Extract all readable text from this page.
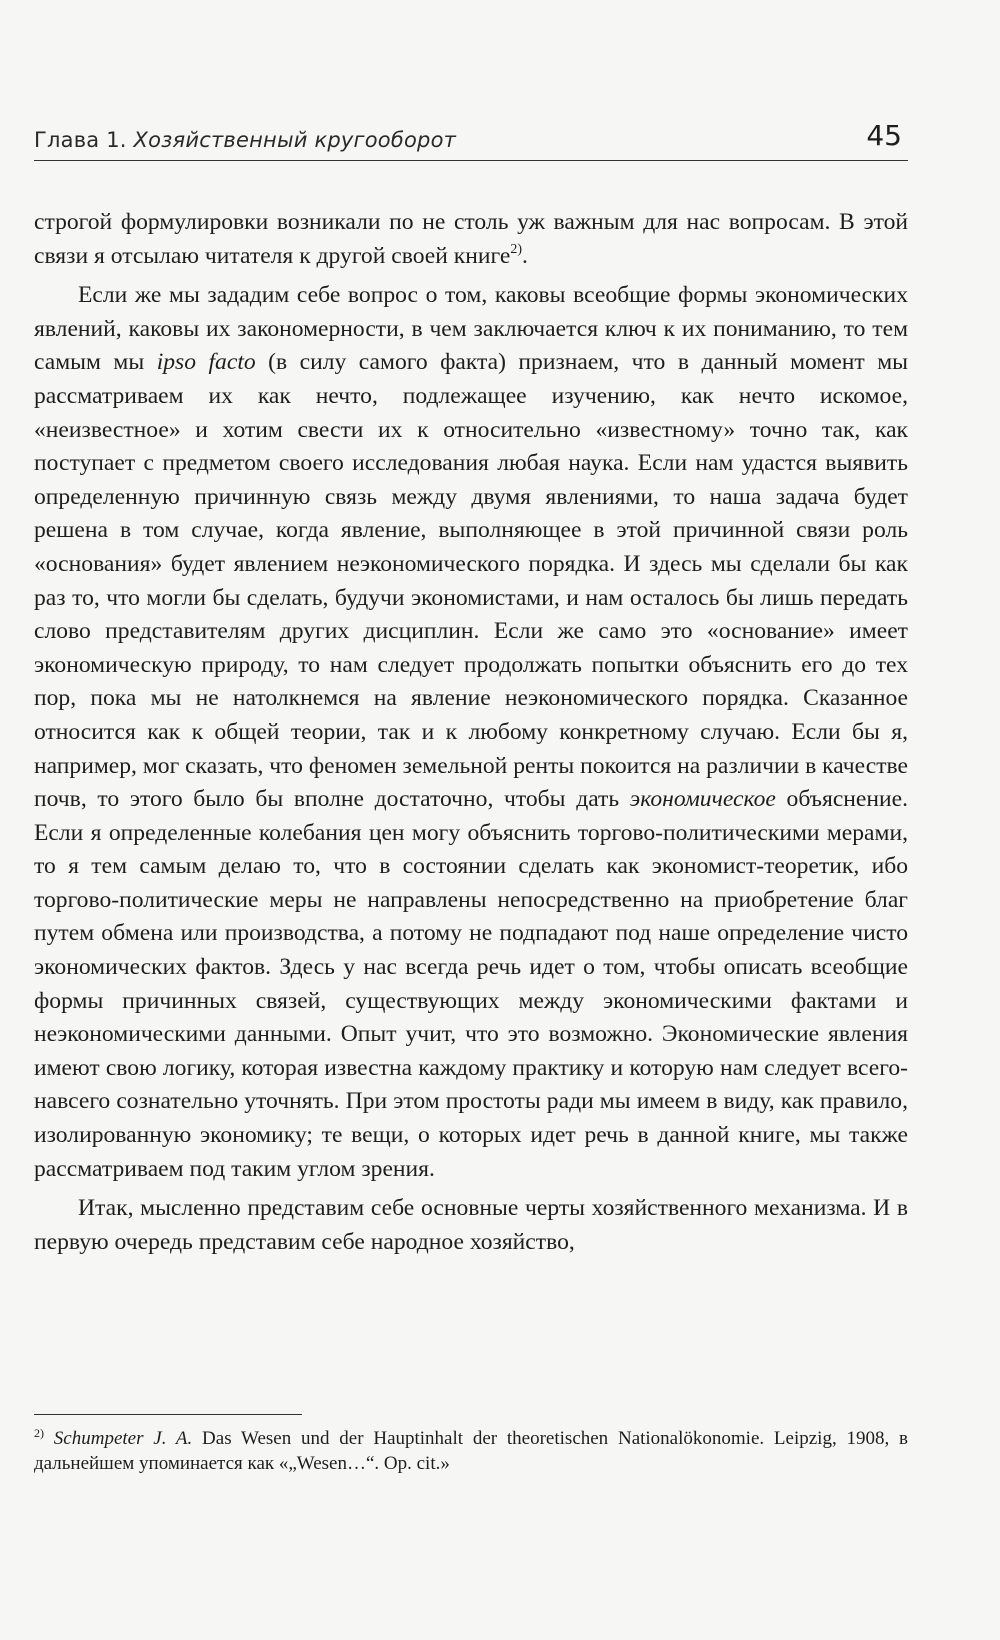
Глава 1. Хозяйственный кругооборот	45

строгой формулировки возникали по не столь уж важным для нас вопросам. В этой связи я отсылаю читателя к другой своей книге$^{2)}$.

Если же мы зададим себе вопрос о том, каковы всеобщие формы экономических явлений, каковы их закономерности, в чем заключается ключ к их пониманию, то тем самым мы ipso facto (в силу самого факта) признаем, что в данный момент мы рассматриваем их как нечто, подлежащее изучению, как нечто искомое, «неизвестное» и хотим свести их к относительно «известному» точно так, как поступает с предметом своего исследования любая наука. Если нам удастся выявить определенную причинную связь между двумя явлениями, то наша задача будет решена в том случае, когда явление, выполняющее в этой причинной связи роль «основания» будет явлением неэкономического порядка. И здесь мы сделали бы как раз то, что могли бы сделать, будучи экономистами, и нам осталось бы лишь передать слово представителям других дисциплин. Если же само это «основание» имеет экономическую природу, то нам следует продолжать попытки объяснить его до тех пор, пока мы не натолкнемся на явление неэкономического порядка. Сказанное относится как к общей теории, так и к любому конкретному случаю. Если бы я, например, мог сказать, что феномен земельной ренты покоится на различии в качестве почв, то этого было бы вполне достаточно, чтобы дать экономическое объяснение. Если я определенные колебания цен могу объяснить торгово-политическими мерами, то я тем самым делаю то, что в состоянии сделать как экономист-теоретик, ибо торгово-политические меры не направлены непосредственно на приобретение благ путем обмена или производства, а потому не подпадают под наше определение чисто экономических фактов. Здесь у нас всегда речь идет о том, чтобы описать всеобщие формы причинных связей, существующих между экономическими фактами и неэкономическими данными. Опыт учит, что это возможно. Экономические явления имеют свою логику, которая известна каждому практику и которую нам следует всего-навсего сознательно уточнять. При этом простоты ради мы имеем в виду, как правило, изолированную экономику; те вещи, о которых идет речь в данной книге, мы также рассматриваем под таким углом зрения.

Итак, мысленно представим себе основные черты хозяйственного механизма. И в первую очередь представим себе народное хозяйство,

$^{2)}$ Schumpeter J. A. Das Wesen und der Hauptinhalt der theoretischen Nationalökonomie. Leipzig, 1908, в дальнейшем упоминается как «„Wesen…“. Op. cit.»
